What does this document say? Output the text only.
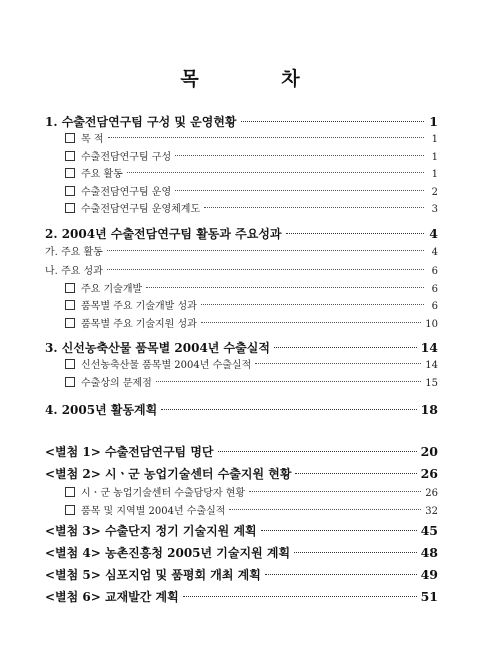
목 차
1. 수출전담연구팀 구성 및 운영현황	1
목 적	1
수출전담연구팀 구성	1
주요 활동	1
수출전담연구팀 운영	2
수출전담연구팀 운영체계도	3
2. 2004년 수출전담연구팀 활동과 주요성과	4
가. 주요 활동	4
나. 주요 성과	6
주요 기술개발	6
품목별 주요 기술개발 성과	6
품목별 주요 기술지원 성과	10
3. 신선농축산물 품목별 2004년 수출실적	14
신선농축산물 품목별 2004년 수출실적	14
수출상의 문제점	15
4. 2005년 활동계획	18
<별첨 1> 수출전담연구팀 명단	20
<별첨 2> 시ㆍ군 농업기술센터 수출지원 현황	26
시ㆍ군 농업기술센터 수출담당자 현황	26
품목 및 지역별 2004년 수출실적	32
<별첨 3> 수출단지 정기 기술지원 계획	45
<별첨 4> 농촌진흥청 2005년 기술지원 계획	48
<별첨 5> 심포지엄 및 품평회 개최 계획	49
<별첨 6> 교재발간 계획	51
